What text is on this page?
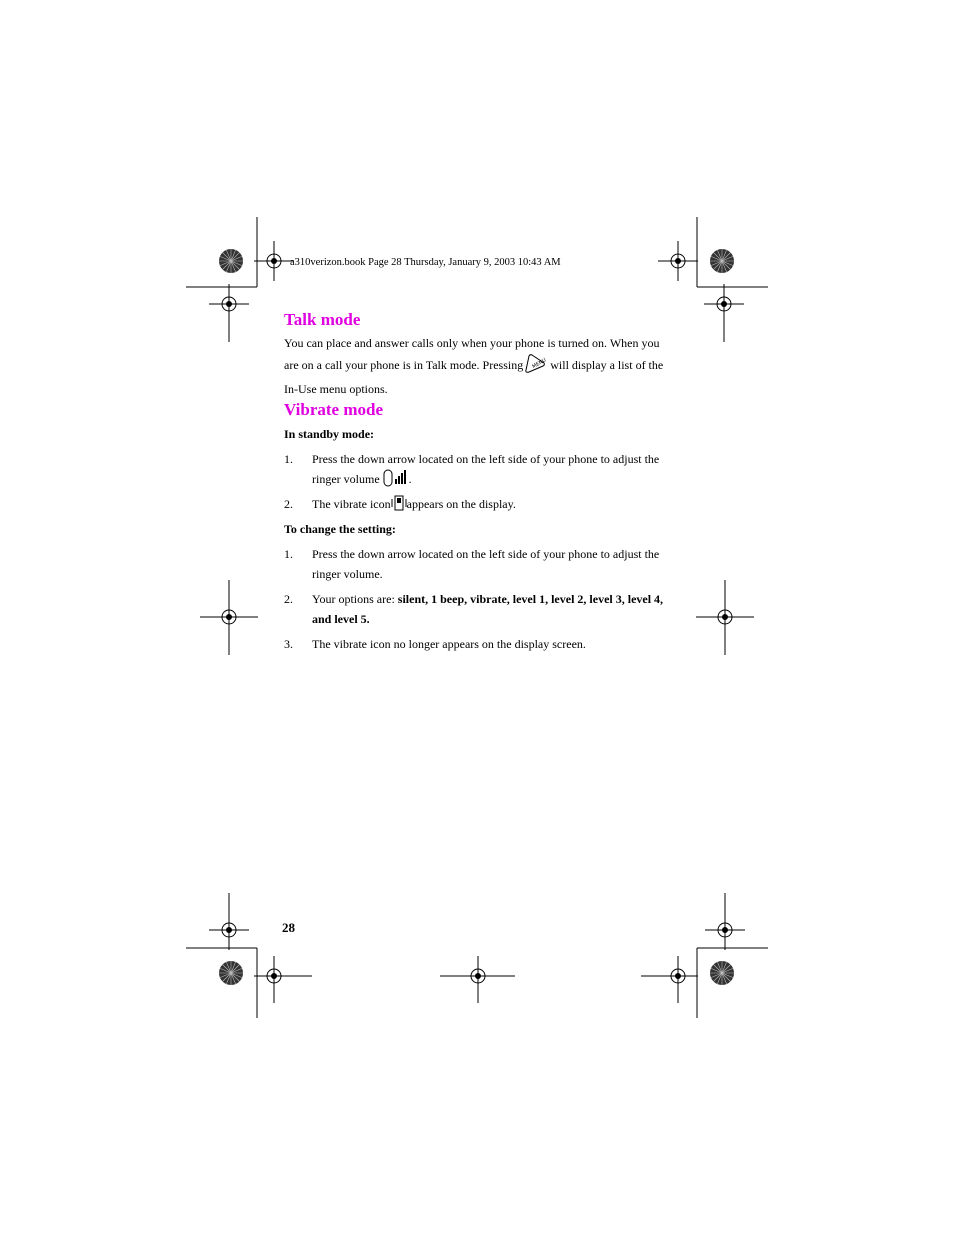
a310verizon.book Page 28 Thursday, January 9, 2003 10:43 AM
Talk mode
You can place and answer calls only when your phone is turned on. When you are on a call your phone is in Talk mode. Pressing MENU will display a list of the In-Use menu options.
Vibrate mode
In standby mode:
1.	Press the down arrow located on the left side of your phone to adjust the ringer volume .
2.	The vibrate icon appears on the display.
To change the setting:
1.	Press the down arrow located on the left side of your phone to adjust the ringer volume.
2.	Your options are: silent, 1 beep, vibrate, level 1, level 2, level 3, level 4, and level 5.
3.	The vibrate icon no longer appears on the display screen.
28
